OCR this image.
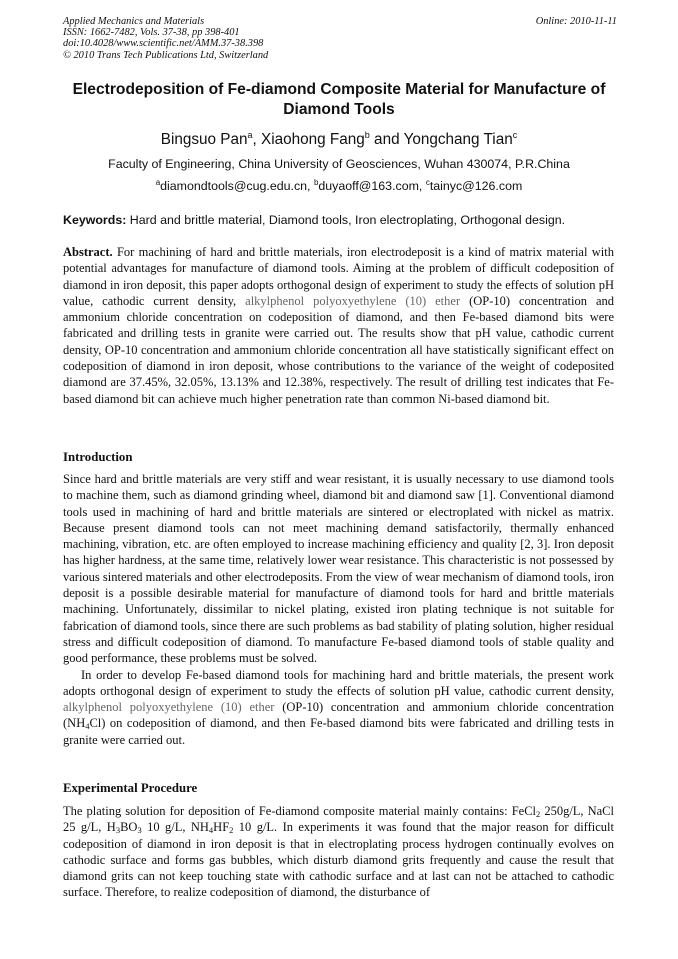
Applied Mechanics and Materials
ISSN: 1662-7482, Vols. 37-38, pp 398-401
doi:10.4028/www.scientific.net/AMM.37-38.398
© 2010 Trans Tech Publications Ltd, Switzerland
Online: 2010-11-11
Electrodeposition of Fe-diamond Composite Material for Manufacture of Diamond Tools
Bingsuo Pan$^a$, Xiaohong Fang$^b$ and Yongchang Tian$^c$
Faculty of Engineering, China University of Geosciences, Wuhan 430074, P.R.China
$^a$diamondtools@cug.edu.cn, $^b$duyaoff@163.com, $^c$tainyc@126.com
Keywords: Hard and brittle material, Diamond tools, Iron electroplating, Orthogonal design.

Abstract. For machining of hard and brittle materials, iron electrodeposit is a kind of matrix material with potential advantages for manufacture of diamond tools. Aiming at the problem of difficult codeposition of diamond in iron deposit, this paper adopts orthogonal design of experiment to study the effects of solution pH value, cathodic current density, alkylphenol polyoxyethylene (10) ether (OP-10) concentration and ammonium chloride concentration on codeposition of diamond, and then Fe-based diamond bits were fabricated and drilling tests in granite were carried out. The results show that pH value, cathodic current density, OP-10 concentration and ammonium chloride concentration all have statistically significant effect on codeposition of diamond in iron deposit, whose contributions to the variance of the weight of codeposited diamond are 37.45%, 32.05%, 13.13% and 12.38%, respectively. The result of drilling test indicates that Fe-based diamond bit can achieve much higher penetration rate than common Ni-based diamond bit.

Introduction

Since hard and brittle materials are very stiff and wear resistant, it is usually necessary to use diamond tools to machine them, such as diamond grinding wheel, diamond bit and diamond saw [1]. Conventional diamond tools used in machining of hard and brittle materials are sintered or electroplated with nickel as matrix. Because present diamond tools can not meet machining demand satisfactorily, thermally enhanced machining, vibration, etc. are often employed to increase machining efficiency and quality [2, 3]. Iron deposit has higher hardness, at the same time, relatively lower wear resistance. This characteristic is not possessed by various sintered materials and other electrodeposits. From the view of wear mechanism of diamond tools, iron deposit is a possible desirable material for manufacture of diamond tools for hard and brittle materials machining. Unfortunately, dissimilar to nickel plating, existed iron plating technique is not suitable for fabrication of diamond tools, since there are such problems as bad stability of plating solution, higher residual stress and difficult codeposition of diamond. To manufacture Fe-based diamond tools of stable quality and good performance, these problems must be solved.

In order to develop Fe-based diamond tools for machining hard and brittle materials, the present work adopts orthogonal design of experiment to study the effects of solution pH value, cathodic current density, alkylphenol polyoxyethylene (10) ether (OP-10) concentration and ammonium chloride concentration $(NH_4Cl)$ on codeposition of diamond, and then Fe-based diamond bits were fabricated and drilling tests in granite were carried out.

Experimental Procedure

The plating solution for deposition of Fe-diamond composite material mainly contains: FeCl$_2$ 250g/L, NaCl 25 g/L, $H_3BO_3$ 10 g/L, $NH_4HF_2$ 10 g/L. In experiments it was found that the major reason for difficult codeposition of diamond in iron deposit is that in electroplating process hydrogen continually evolves on cathodic surface and forms gas bubbles, which disturb diamond grits frequently and cause the result that diamond grits can not keep touching state with cathodic surface and at last can not be attached to cathodic surface. Therefore, to realize codeposition of diamond, the disturbance of
